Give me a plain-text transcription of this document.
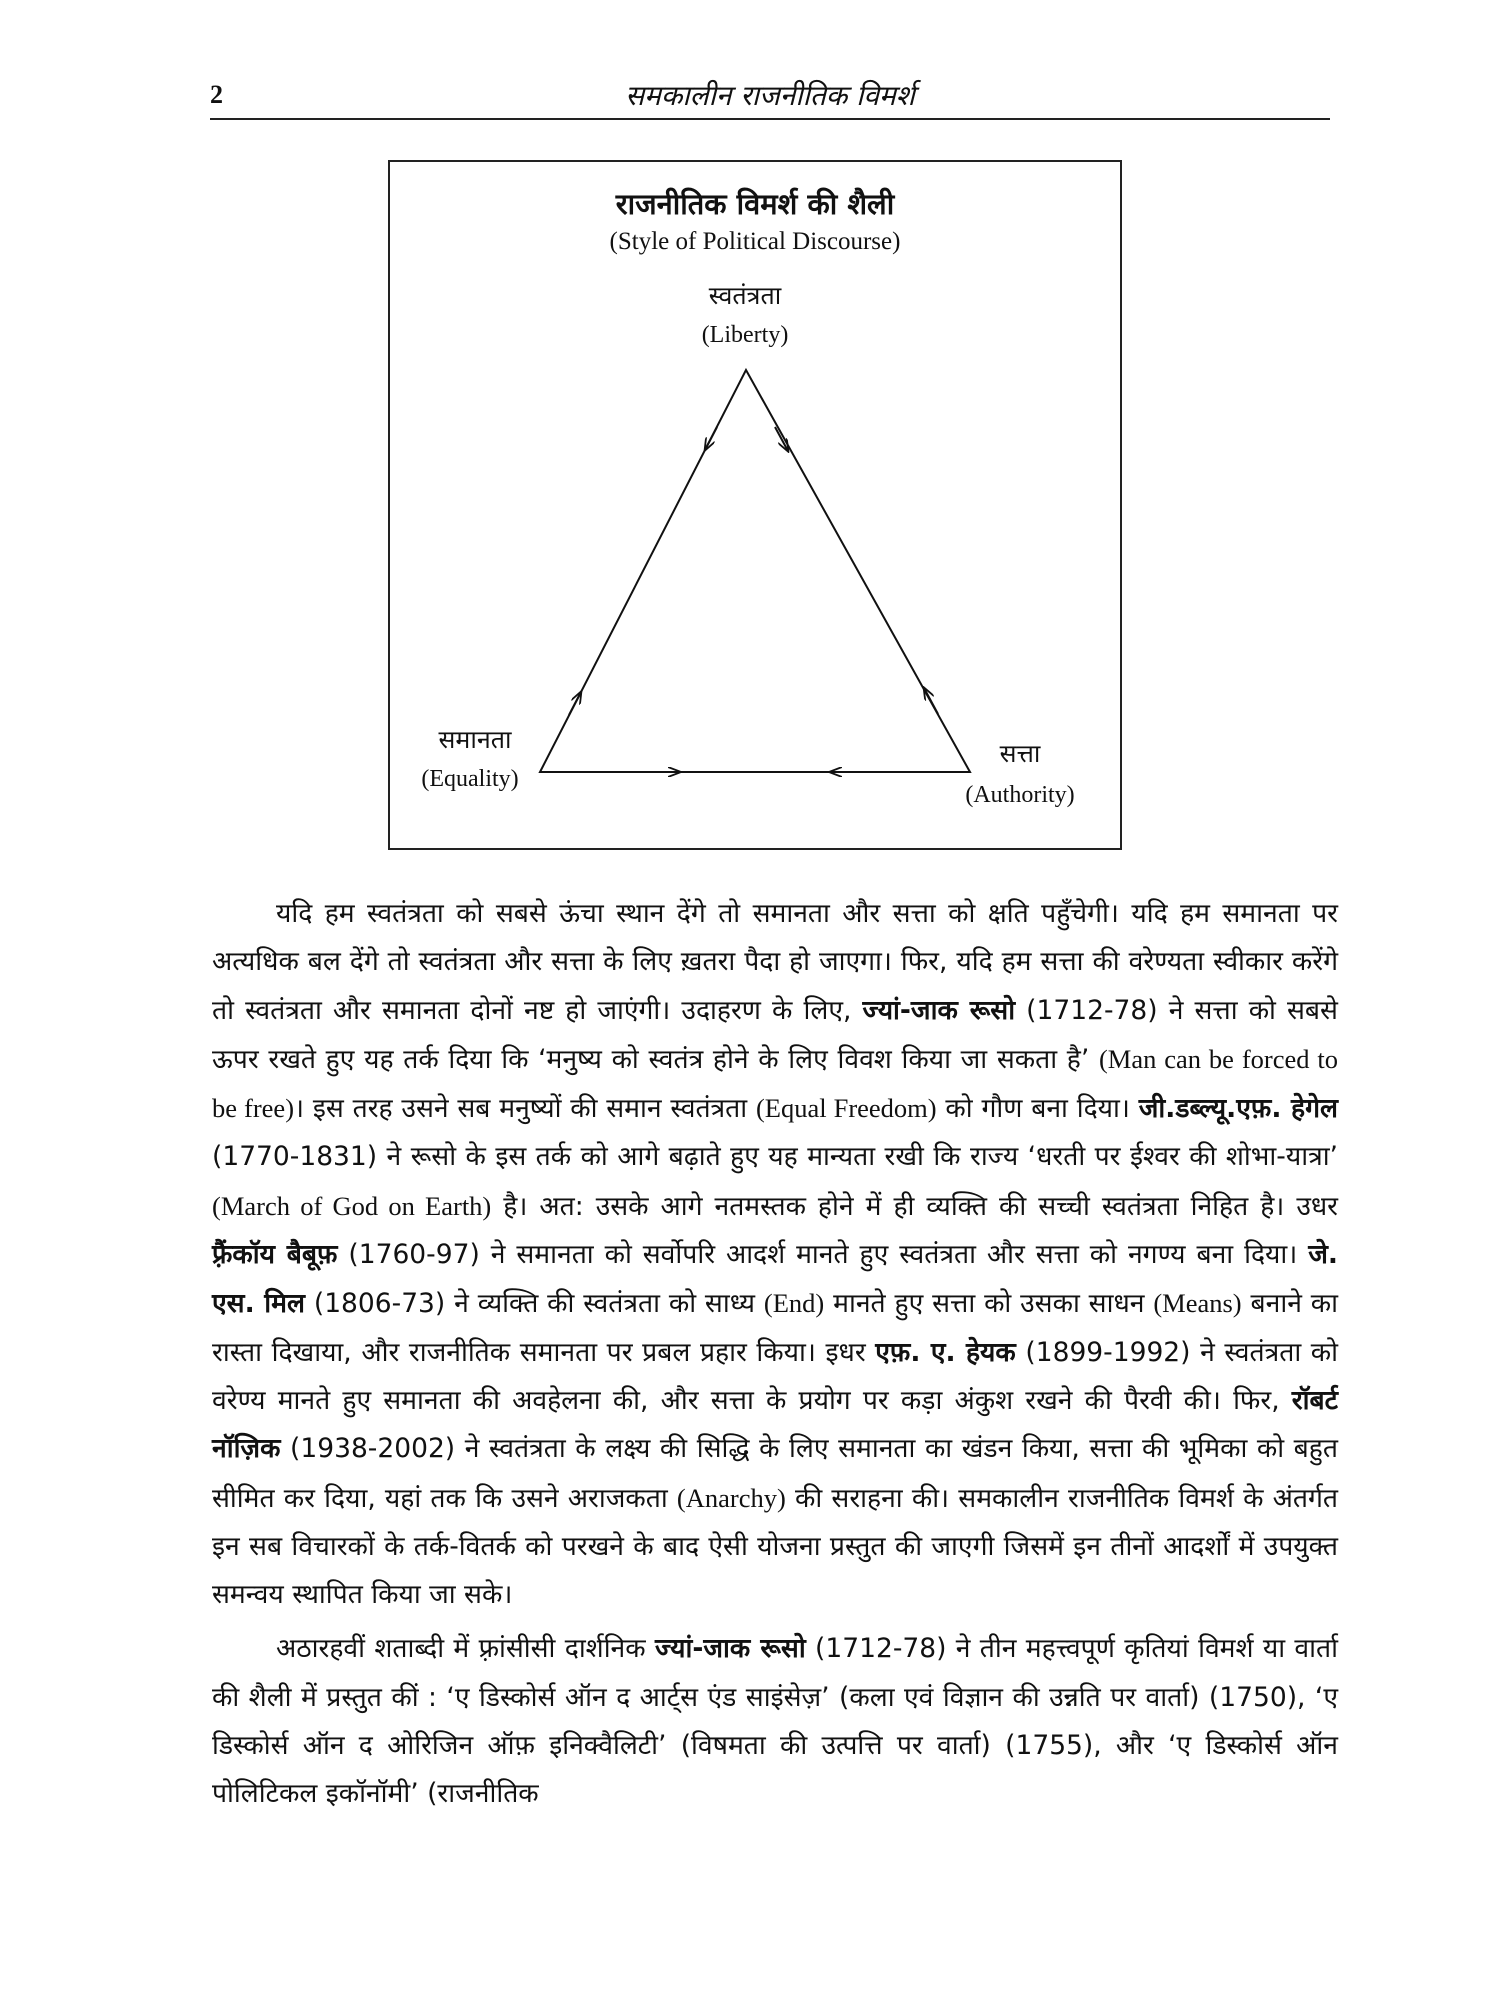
2	समकालीन राजनीतिक विमर्श
राजनीतिक विमर्श की शैली
(Style of Political Discourse)
स्वतंत्रता
(Liberty)
समानता
(Equality)
सत्ता
(Authority)

यदि हम स्वतंत्रता को सबसे ऊंचा स्थान देंगे तो समानता और सत्ता को क्षति पहुँचेगी। यदि हम समानता पर अत्यधिक बल देंगे तो स्वतंत्रता और सत्ता के लिए ख़तरा पैदा हो जाएगा। फिर, यदि हम सत्ता की वरेण्यता स्वीकार करेंगे तो स्वतंत्रता और समानता दोनों नष्ट हो जाएंगी। उदाहरण के लिए, ज्यां-जाक रूसो (1712-78) ने सत्ता को सबसे ऊपर रखते हुए यह तर्क दिया कि ‘मनुष्य को स्वतंत्र होने के लिए विवश किया जा सकता है’ (Man can be forced to be free)। इस तरह उसने सब मनुष्यों की समान स्वतंत्रता (Equal Freedom) को गौण बना दिया। जी.डब्ल्यू.एफ़. हेगेल (1770-1831) ने रूसो के इस तर्क को आगे बढ़ाते हुए यह मान्यता रखी कि राज्य ‘धरती पर ईश्वर की शोभा-यात्रा’ (March of God on Earth) है। अत: उसके आगे नतमस्तक होने में ही व्यक्ति की सच्ची स्वतंत्रता निहित है। उधर फ़्रैंकॉय बैबूफ़ (1760-97) ने समानता को सर्वोपरि आदर्श मानते हुए स्वतंत्रता और सत्ता को नगण्य बना दिया। जे. एस. मिल (1806-73) ने व्यक्ति की स्वतंत्रता को साध्य (End) मानते हुए सत्ता को उसका साधन (Means) बनाने का रास्ता दिखाया, और राजनीतिक समानता पर प्रबल प्रहार किया। इधर एफ़. ए. हेयक (1899-1992) ने स्वतंत्रता को वरेण्य मानते हुए समानता की अवहेलना की, और सत्ता के प्रयोग पर कड़ा अंकुश रखने की पैरवी की। फिर, रॉबर्ट नॉज़िक (1938-2002) ने स्वतंत्रता के लक्ष्य की सिद्धि के लिए समानता का खंडन किया, सत्ता की भूमिका को बहुत सीमित कर दिया, यहां तक कि उसने अराजकता (Anarchy) की सराहना की। समकालीन राजनीतिक विमर्श के अंतर्गत इन सब विचारकों के तर्क-वितर्क को परखने के बाद ऐसी योजना प्रस्तुत की जाएगी जिसमें इन तीनों आदर्शों में उपयुक्त समन्वय स्थापित किया जा सके।

अठारहवीं शताब्दी में फ़्रांसीसी दार्शनिक ज्यां-जाक रूसो (1712-78) ने तीन महत्त्वपूर्ण कृतियां विमर्श या वार्ता की शैली में प्रस्तुत कीं : ‘ए डिस्कोर्स ऑन द आर्ट्स एंड साइंसेज़’ (कला एवं विज्ञान की उन्नति पर वार्ता) (1750), ‘ए डिस्कोर्स ऑन द ओरिजिन ऑफ़ इनिक्वैलिटी’ (विषमता की उत्पत्ति पर वार्ता) (1755), और ‘ए डिस्कोर्स ऑन पोलिटिकल इकॉनॉमी’ (राजनीतिक
